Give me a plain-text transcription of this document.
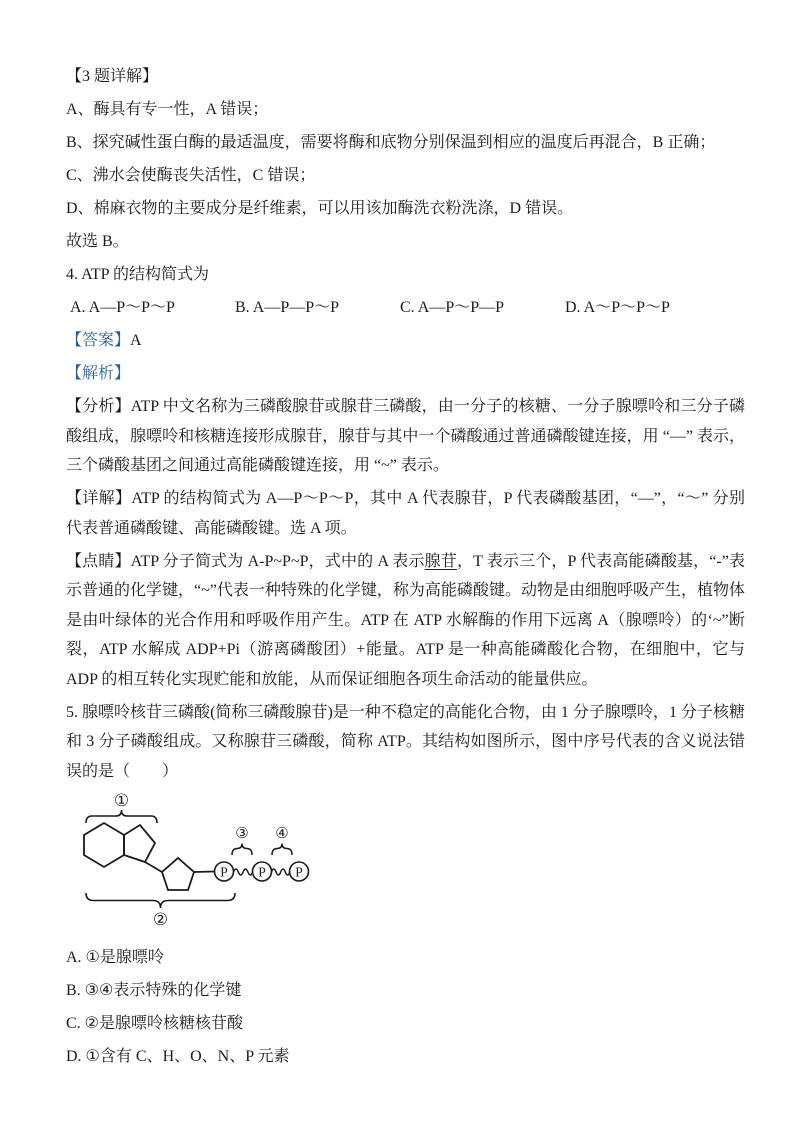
【3 题详解】

A、酶具有专一性，A 错误；

B、探究碱性蛋白酶的最适温度，需要将酶和底物分别保温到相应的温度后再混合，B 正确；

C、沸水会使酶丧失活性，C 错误；

D、棉麻衣物的主要成分是纤维素，可以用该加酶洗衣粉洗涤，D 错误。

故选 B。

4. ATP 的结构简式为

A. A—P～P～P	B. A—P—P～P	C. A—P～P—P	D. A～P～P～P

【答案】A

【解析】

【分析】ATP 中文名称为三磷酸腺苷或腺苷三磷酸，由一分子的核糖、一分子腺嘌呤和三分子磷酸组成，腺嘌呤和核糖连接形成腺苷，腺苷与其中一个磷酸通过普通磷酸键连接，用 “—” 表示，三个磷酸基团之间通过高能磷酸键连接，用 “~” 表示。

【详解】ATP 的结构简式为 A—P～P～P，其中 A 代表腺苷，P 代表磷酸基团，“—”，“～” 分别代表普通磷酸键、高能磷酸键。选 A 项。

【点睛】ATP 分子简式为 A-P~P~P，式中的 A 表示腺苷，T 表示三个，P 代表高能磷酸基，“-”表示普通的化学键，“~”代表一种特殊的化学键，称为高能磷酸键。动物是由细胞呼吸产生，植物体是由叶绿体的光合作用和呼吸作用产生。ATP 在 ATP 水解酶的作用下远离 A（腺嘌呤）的‘~”断裂，ATP 水解成 ADP+Pi（游离磷酸团）+能量。ATP 是一种高能磷酸化合物，在细胞中，它与 ADP 的相互转化实现贮能和放能，从而保证细胞各项生命活动的能量供应。

5. 腺嘌呤核苷三磷酸(简称三磷酸腺苷)是一种不稳定的高能化合物，由 1 分子腺嘌呤，1 分子核糖和 3 分子磷酸组成。又称腺苷三磷酸，简称 ATP。其结构如图所示，图中序号代表的含义说法错误的是（　　）

①
P P P
③ ④
②

A. ①是腺嘌呤

B. ③④表示特殊的化学键

C. ②是腺嘌呤核糖核苷酸

D. ①含有 C、H、O、N、P 元素
